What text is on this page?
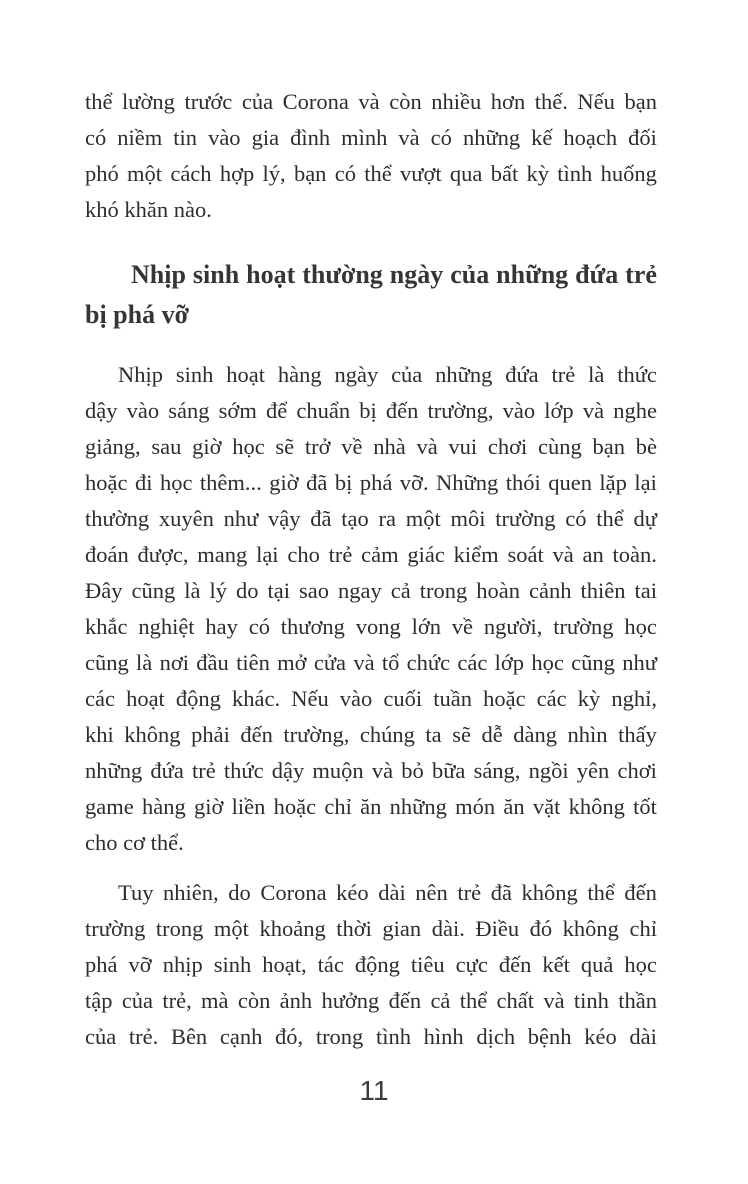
thể lường trước của Corona và còn nhiều hơn thế. Nếu bạn
có niềm tin vào gia đình mình và có những kế hoạch đối
phó một cách hợp lý, bạn có thể vượt qua bất kỳ tình huống
khó khăn nào.

Nhịp sinh hoạt thường ngày của những đứa trẻ
bị phá vỡ

Nhịp sinh hoạt hàng ngày của những đứa trẻ là thức
dậy vào sáng sớm để chuẩn bị đến trường, vào lớp và nghe
giảng, sau giờ học sẽ trở về nhà và vui chơi cùng bạn bè
hoặc đi học thêm... giờ đã bị phá vỡ. Những thói quen lặp lại
thường xuyên như vậy đã tạo ra một môi trường có thể dự
đoán được, mang lại cho trẻ cảm giác kiểm soát và an toàn.
Đây cũng là lý do tại sao ngay cả trong hoàn cảnh thiên tai
khắc nghiệt hay có thương vong lớn về người, trường học
cũng là nơi đầu tiên mở cửa và tổ chức các lớp học cũng như
các hoạt động khác. Nếu vào cuối tuần hoặc các kỳ nghỉ,
khi không phải đến trường, chúng ta sẽ dễ dàng nhìn thấy
những đứa trẻ thức dậy muộn và bỏ bữa sáng, ngồi yên chơi
game hàng giờ liền hoặc chỉ ăn những món ăn vặt không tốt
cho cơ thể.

Tuy nhiên, do Corona kéo dài nên trẻ đã không thể đến
trường trong một khoảng thời gian dài. Điều đó không chỉ
phá vỡ nhịp sinh hoạt, tác động tiêu cực đến kết quả học
tập của trẻ, mà còn ảnh hưởng đến cả thể chất và tinh thần
của trẻ. Bên cạnh đó, trong tình hình dịch bệnh kéo dài

11
